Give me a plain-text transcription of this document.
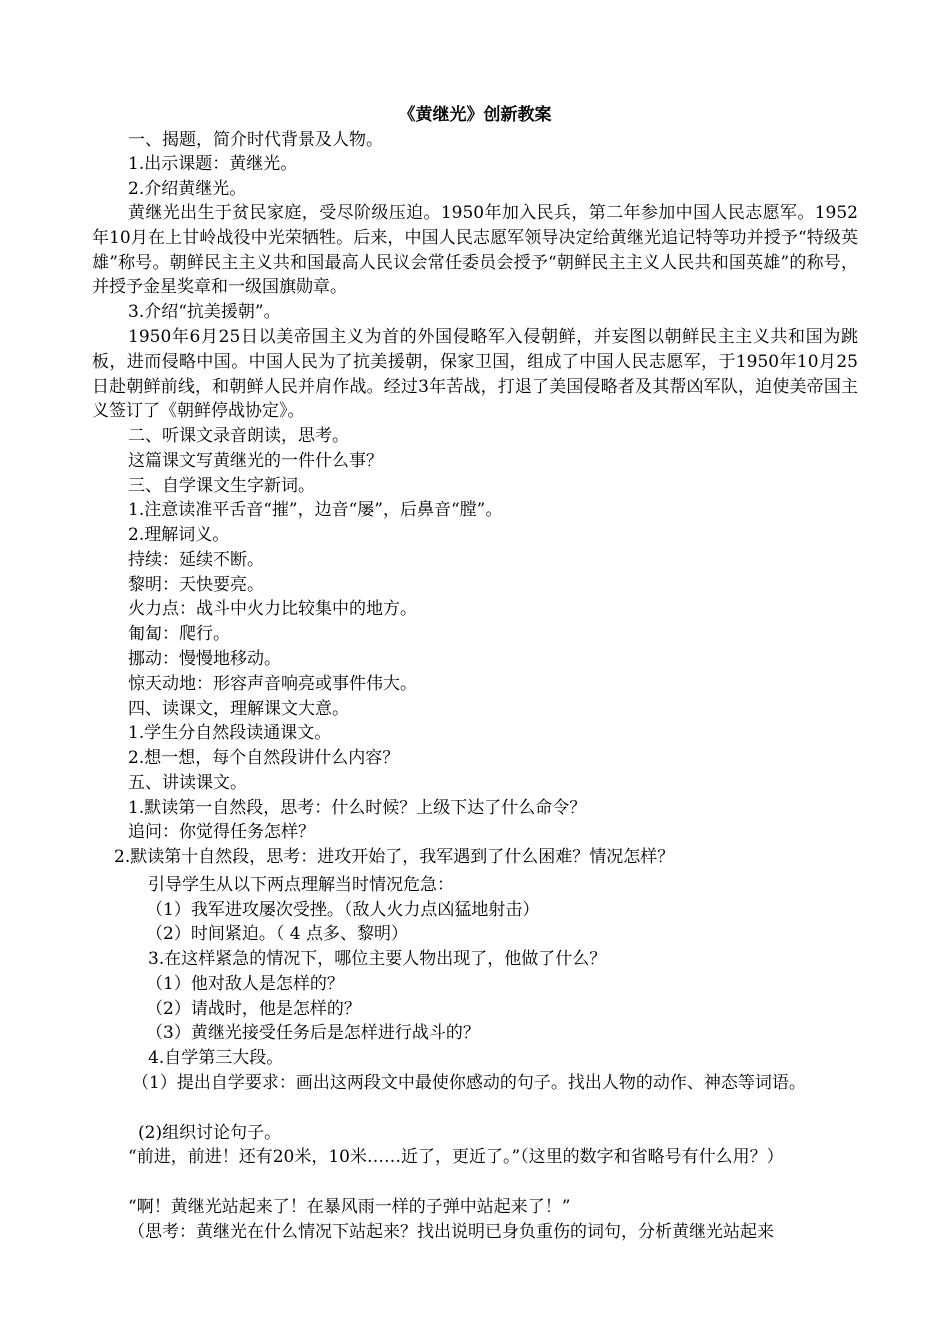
《黄继光》创新教案
一、揭题，简介时代背景及人物。
1.出示课题：黄继光。
2.介绍黄继光。

黄继光出生于贫民家庭，受尽阶级压迫。1950年加入民兵，第二年参加中国人民志愿军。1952年10月在上甘岭战役中光荣牺牲。后来，中国人民志愿军领导决定给黄继光追记特等功并授予“特级英雄”称号。朝鲜民主主义共和国最高人民议会常任委员会授予“朝鲜民主主义人民共和国英雄”的称号，并授予金星奖章和一级国旗勋章。

3.介绍“抗美援朝”。

1950年6月25日以美帝国主义为首的外国侵略军入侵朝鲜，并妄图以朝鲜民主主义共和国为跳板，进而侵略中国。中国人民为了抗美援朝，保家卫国，组成了中国人民志愿军，于1950年10月25日赴朝鲜前线，和朝鲜人民并肩作战。经过3年苦战，打退了美国侵略者及其帮凶军队，迫使美帝国主义签订了《朝鲜停战协定》。

二、听课文录音朗读，思考。
这篇课文写黄继光的一件什么事？
三、自学课文生字新词。
1.注意读准平舌音“摧”，边音“屡”，后鼻音“膛”。
2.理解词义。
持续：延续不断。
黎明：天快要亮。
火力点：战斗中火力比较集中的地方。
匍匐：爬行。
挪动：慢慢地移动。
惊天动地：形容声音响亮或事件伟大。
四、读课文，理解课文大意。
1.学生分自然段读通课文。
2.想一想，每个自然段讲什么内容？
五、讲读课文。
1.默读第一自然段，思考：什么时候？上级下达了什么命令？
追问：你觉得任务怎样？
2.默读第十自然段，思考：进攻开始了，我军遇到了什么困难？情况怎样？
引导学生从以下两点理解当时情况危急：
（1）我军进攻屡次受挫。（敌人火力点凶猛地射击）
（2）时间紧迫。（ 4 点多、黎明）
3.在这样紧急的情况下，哪位主要人物出现了，他做了什么？
（1）他对敌人是怎样的？
（2）请战时，他是怎样的？
（3）黄继光接受任务后是怎样进行战斗的？
4.自学第三大段。

（1）提出自学要求：画出这两段文中最使你感动的句子。找出人物的动作、神态等词语。

(2)组织讨论句子。

“前进，前进！还有20米，10米……近了，更近了。”（这里的数字和省略号有什么用？）

“啊！黄继光站起来了！在暴风雨一样的子弹中站起来了！”
（思考：黄继光在什么情况下站起来？找出说明已身负重伤的词句，分析黄继光站起来
